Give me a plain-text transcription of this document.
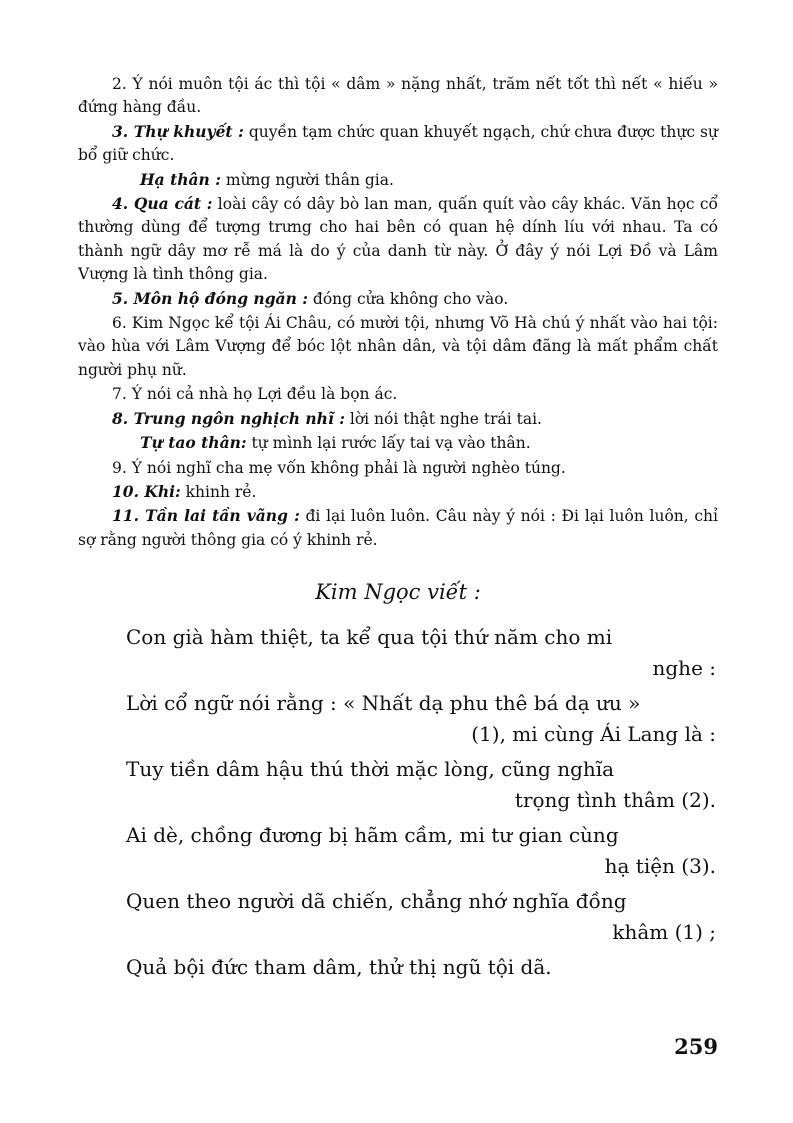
2. Ý nói muôn tội ác thì tội « dâm » nặng nhất, trăm nết tốt thì nết « hiếu » đứng hàng đầu.

3. Thự khuyết : quyền tạm chức quan khuyết ngạch, chứ chưa được thực sự bổ giữ chức.

Hạ thân : mừng người thân gia.

4. Qua cát : loài cây có dây bò lan man, quấn quít vào cây khác. Văn học cổ thường dùng để tượng trưng cho hai bên có quan hệ dính líu với nhau. Ta có thành ngữ dây mơ rễ má là do ý của danh từ này. Ở đây ý nói Lợi Đồ và Lâm Vượng là tình thông gia.

5. Môn hộ đóng ngăn : đóng cửa không cho vào.

6. Kim Ngọc kể tội Ái Châu, có mười tội, nhưng Võ Hà chú ý nhất vào hai tội: vào hùa với Lâm Vượng để bóc lột nhân dân, và tội dâm đãng là mất phẩm chất người phụ nữ.

7. Ý nói cả nhà họ Lợi đều là bọn ác.

8. Trung ngôn nghịch nhĩ : lời nói thật nghe trái tai.

Tự tao thân: tự mình lại rước lấy tai vạ vào thân.

9. Ý nói nghĩ cha mẹ vốn không phải là người nghèo túng.

10. Khi: khinh rẻ.

11. Tần lai tần vãng : đi lại luôn luôn. Câu này ý nói : Đi lại luôn luôn, chỉ sợ rằng người thông gia có ý khinh rẻ.

Kim Ngọc viết :
Con già hàm thiệt, ta kể qua tội thứ năm cho mi
nghe :
Lời cổ ngữ nói rằng : « Nhất dạ phu thê bá dạ ưu »
(1), mi cùng Ái Lang là :
Tuy tiền dâm hậu thú thời mặc lòng, cũng nghĩa
trọng tình thâm (2).
Ai dè, chồng đương bị hãm cầm, mi tư gian cùng
hạ tiện (3).
Quen theo người dã chiến, chẳng nhớ nghĩa đồng
khâm (1) ;
Quả bội đức tham dâm, thử thị ngũ tội dã.
259
